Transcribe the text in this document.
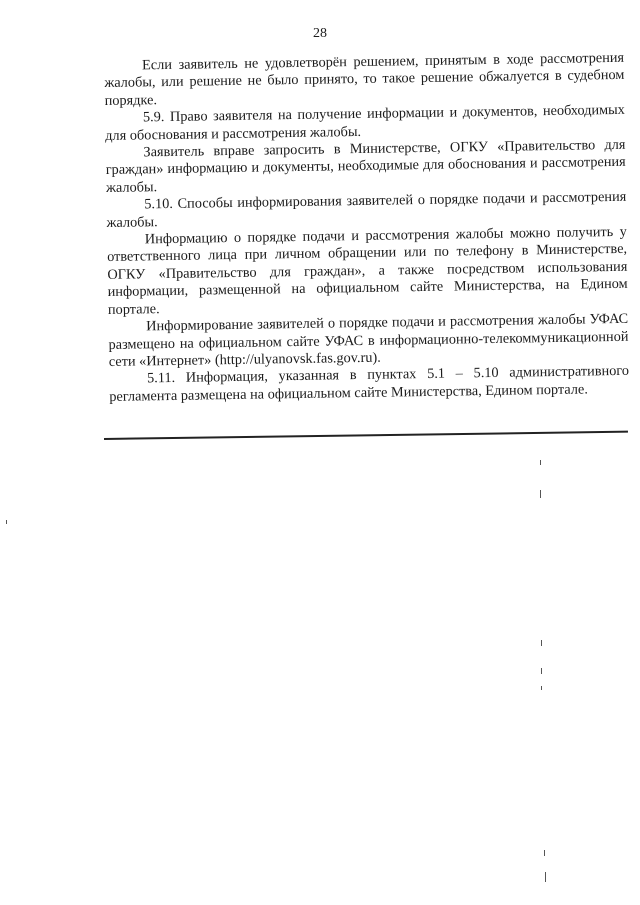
28

Если заявитель не удовлетворён решением, принятым в ходе рассмотрения жалобы, или решение не было принято, то такое решение обжалуется в судебном порядке.

5.9. Право заявителя на получение информации и документов, необходимых для обоснования и рассмотрения жалобы.

Заявитель вправе запросить в Министерстве, ОГКУ «Правительство для граждан» информацию и документы, необходимые для обоснования и рассмотрения жалобы.

5.10. Способы информирования заявителей о порядке подачи и рассмотрения жалобы.

Информацию о порядке подачи и рассмотрения жалобы можно получить у ответственного лица при личном обращении или по телефону в Министерстве, ОГКУ «Правительство для граждан», а также посредством использования информации, размещенной на официальном сайте Министерства, на Едином портале.

Информирование заявителей о порядке подачи и рассмотрения жалобы УФАС размещено на официальном сайте УФАС в информационно-телекоммуникационной сети «Интернет» (http://ulyanovsk.fas.gov.ru).

5.11. Информация, указанная в пунктах 5.1 – 5.10 административного регламента размещена на официальном сайте Министерства, Едином портале.
